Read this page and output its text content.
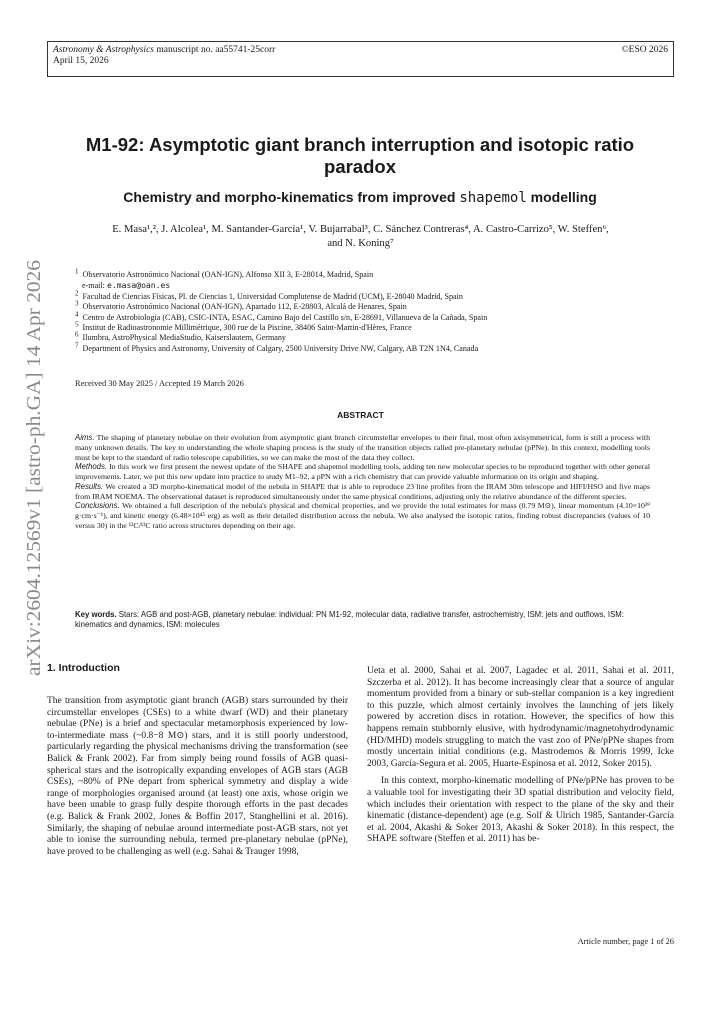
Astronomy & Astrophysics manuscript no. aa55741-25corr
April 15, 2026
©ESO 2026
arXiv:2604.12569v1 [astro-ph.GA] 14 Apr 2026
M1-92: Asymptotic giant branch interruption and isotopic ratio paradox
Chemistry and morpho-kinematics from improved shapemol modelling
E. Masa¹,², J. Alcolea¹, M. Santander-García¹, V. Bujarrabal³, C. Sánchez Contreras⁴, A. Castro-Carrizo⁵, W. Steffen⁶,
and N. Koning⁷
$^1$ Observatorio Astronómico Nacional (OAN-IGN), Alfonso XII 3, E-28014, Madrid, Spain
e-mail: e.masa@oan.es
$^2$ Facultad de Ciencias Físicas, Pl. de Ciencias 1, Universidad Complutense de Madrid (UCM), E-28040 Madrid, Spain
$^3$ Observatorio Astronómico Nacional (OAN-IGN), Apartado 112, E-28803, Alcalá de Henares, Spain
$^4$ Centro de Astrobiología (CAB), CSIC-INTA, ESAC, Camino Bajo del Castillo s/n, E-28691, Villanueva de la Cañada, Spain
$^5$ Institut de Radioastronomie Millimétrique, 300 rue de la Piscine, 38406 Saint-Martin-d'Hères, France
$^6$ Ilumbra, AstroPhysical MediaStudio, Kaiserslautern, Germany
$^7$ Department of Physics and Astronomy, University of Calgary, 2500 University Drive NW, Calgary, AB T2N 1N4, Canada
Received 30 May 2025 / Accepted 19 March 2026
ABSTRACT

Aims. The shaping of planetary nebulae on their evolution from asymptotic giant branch circumstellar envelopes to their final, most often axisymmetrical, form is still a process with many unknown details. The key to understanding the whole shaping process is the study of the transition objects called pre-planetary nebulae (pPNe). In this context, modelling tools must be kept to the standard of radio telescope capabilities, so we can make the most of the data they collect.

Methods. In this work we first present the newest update of the SHAPE and shapemol modelling tools, adding ten new molecular species to be reproduced together with other general improvements. Later, we put this new update into practice to study M1–92, a pPN with a rich chemistry that can provide valuable information on its origin and shaping.

Results. We created a 3D morpho-kinematical model of the nebula in SHAPE that is able to reproduce 23 line profiles from the IRAM 30m telescope and HIFI/HSO and five maps from IRAM NOEMA. The observational dataset is reproduced simultaneously under the same physical conditions, adjusting only the relative abundance of the different species.

Conclusions. We obtained a full description of the nebula's physical and chemical properties, and we provide the total estimates for mass (0.79 M⊙), linear momentum (4.10×10³⁹ g·cm·s⁻¹), and kinetic energy (6.48×10⁴⁵ erg) as well as their detailed distribution across the nebula. We also analysed the isotopic ratios, finding robust discrepancies (values of 10 versus 30) in the ¹²C/¹³C ratio across structures depending on their age.

Key words. Stars: AGB and post-AGB, planetary nebulae: individual: PN M1-92, molecular data, radiative transfer, astrochemistry, ISM: jets and outflows, ISM: kinematics and dynamics, ISM: molecules
1. Introduction

The transition from asymptotic giant branch (AGB) stars surrounded by their circumstellar envelopes (CSEs) to a white dwarf (WD) and their planetary nebulae (PNe) is a brief and spectacular metamorphosis experienced by low-to-intermediate mass (~0.8−8 M⊙) stars, and it is still poorly understood, particularly regarding the physical mechanisms driving the transformation (see Balick & Frank 2002). Far from simply being round fossils of AGB quasi-spherical stars and the isotropically expanding envelopes of AGB stars (AGB CSEs), ~80% of PNe depart from spherical symmetry and display a wide range of morphologies organised around (at least) one axis, whose origin we have been unable to grasp fully despite thorough efforts in the past decades (e.g. Balick & Frank 2002, Jones & Boffin 2017, Stanghellini et al. 2016). Similarly, the shaping of nebulae around intermediate post-AGB stars, not yet able to ionise the surrounding nebula, termed pre-planetary nebulae (pPNe), have proved to be challenging as well (e.g. Sahai & Trauger 1998,

Ueta et al. 2000, Sahai et al. 2007, Lagadec et al. 2011, Sahai et al. 2011, Szczerba et al. 2012). It has become increasingly clear that a source of angular momentum provided from a binary or sub-stellar companion is a key ingredient to this puzzle, which almost certainly involves the launching of jets likely powered by accretion discs in rotation. However, the specifics of how this happens remain stubbornly elusive, with hydrodynamic/magnetohydrodynamic (HD/MHD) models struggling to match the vast zoo of PNe/pPNe shapes from mostly uncertain initial conditions (e.g. Mastrodemos & Morris 1999, Icke 2003, García-Segura et al. 2005, Huarte-Espinosa et al. 2012, Soker 2015).

In this context, morpho-kinematic modelling of PNe/pPNe has proven to be a valuable tool for investigating their 3D spatial distribution and velocity field, which includes their orientation with respect to the plane of the sky and their kinematic (distance-dependent) age (e.g. Solf & Ulrich 1985, Santander-García et al. 2004, Akashi & Soker 2013, Akashi & Soker 2018). In this respect, the SHAPE software (Steffen et al. 2011) has be-

Article number, page 1 of 26
